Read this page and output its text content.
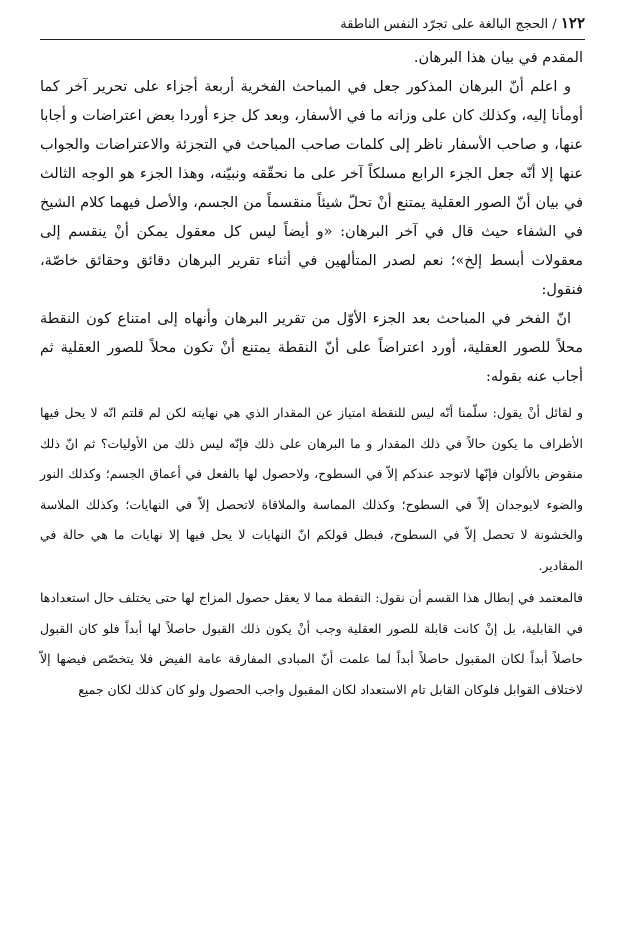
١٢٢ / الحجج البالغة على تجرّد النفس الناطقة

المقدم في بيان هذا البرهان.

و اعلم أنّ البرهان المذكور جعل في المباحث الفخرية أربعة أجزاء على تحرير آخر كما أومأنا إليه، وكذلك كان على وزانه ما في الأسفار، وبعد كل جزء أوردا بعض اعتراضات و أجابا عنها، و صاحب الأسفار ناظر إلى كلمات صاحب المباحث في التجزئة والاعتراضات والجواب عنها إلا أنّه جعل الجزء الرابع مسلكاً آخر على ما نحقّقه ونبيّنه، وهذا الجزء هو الوجه الثالث في بيان أنّ الصور العقلية يمتنع أنْ تحلّ شيئاً منقسماً من الجسم، والأصل فيهما كلام الشيخ في الشفاء حيث قال في آخر البرهان: «و أيضاً ليس كل معقول يمكن أنْ ينقسم إلى معقولات أبسط إلخ»؛ نعم لصدر المتألهين في أثناء تقرير البرهان دقائق وحقائق خاصّة، فنقول:

انّ الفخر في المباحث بعد الجزء الأوّل من تقرير البرهان وأنهاه إلى امتناع كون النقطة محلاً للصور العقلية، أورد اعتراضاً على أنّ النقطة يمتنع أنْ تكون محلاً للصور العقلية ثم أجاب عنه بقوله:

و لقائل أنْ يقول: سلّمنا أنّه ليس للنقطة امتياز عن المقدار الذي هي نهايته لكن لم قلتم انّه لا يحل فيها الأطراف ما يكون حالاً في ذلك المقدار و ما البرهان على ذلك فإنّه ليس ذلك من الأوليات؟ ثم انّ ذلك منقوض بالألوان فإنّها لاتوجد عندكم إلاّ في السطوح، ولاحصول لها بالفعل في أعماق الجسم؛ وكذلك النور والضوء لايوجدان إلاّ في السطوح؛ وكذلك المماسة والملاقاة لاتحصل إلاّ في النهايات؛ وكذلك الملاسة والخشونة لا تحصل إلاّ في السطوح، فبطل قولكم انّ النهايات لا يحل فيها إلا نهايات ما هي حالة في المقادير.

فالمعتمد في إبطال هذا القسم أن نقول: النقطة مما لا يعقل حصول المزاج لها حتى يختلف حال استعدادها في القابلية، بل إنْ كانت قابلة للصور العقلية وجب أنْ يكون ذلك القبول حاصلاً لها أبداً فلو كان القبول حاصلاً أبداً لكان المقبول حاصلاً أبداً لما علمت أنّ المبادى المفارقة عامة الفيض فلا يتخصّص فيضها إلاّ لاختلاف القوابل فلوكان القابل تام الاستعداد لكان المقبول واجب الحصول ولو كان كذلك لكان جميع
